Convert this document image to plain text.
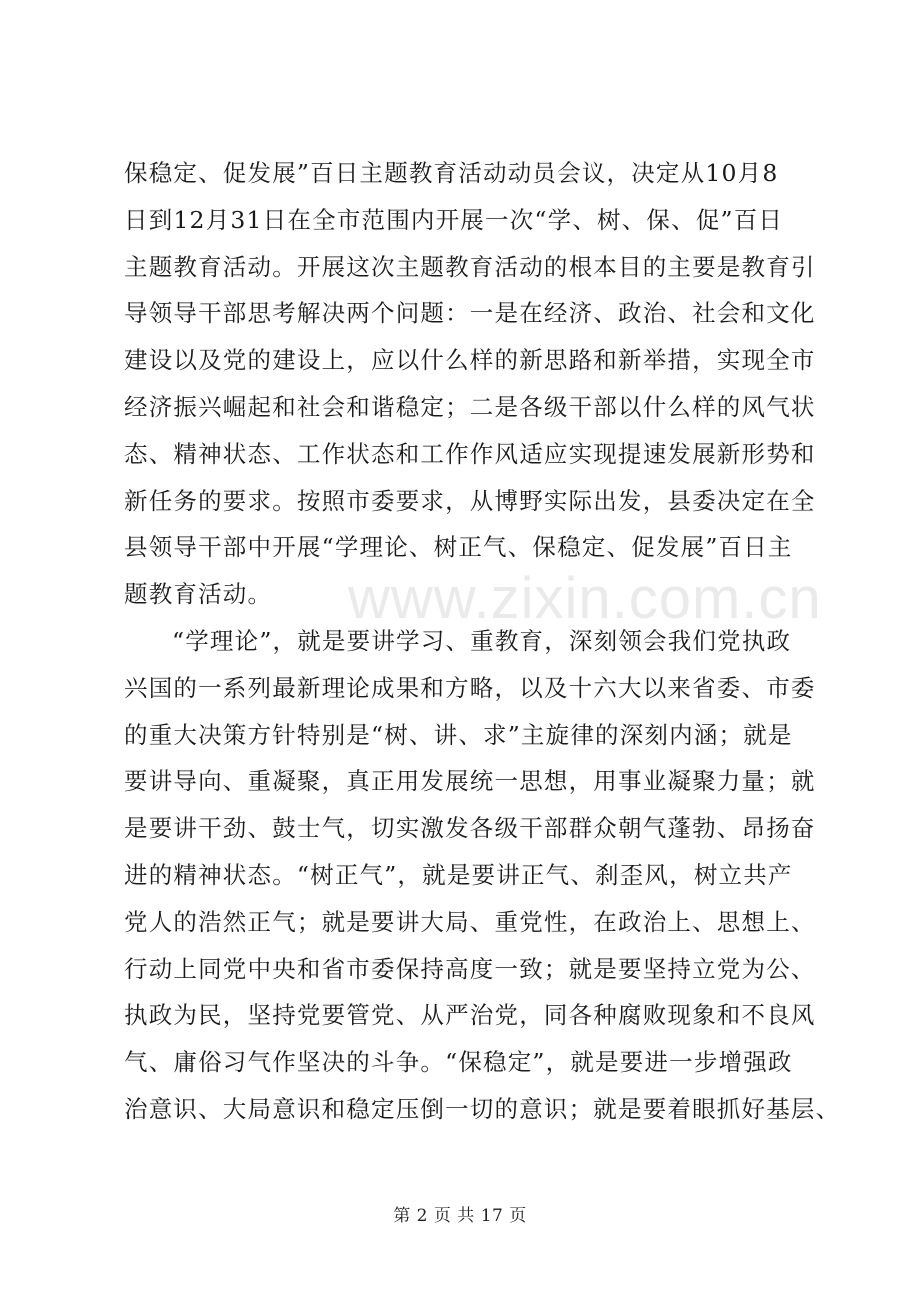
www.zixin.com.cn
保稳定、促发展”百日主题教育活动动员会议，决定从10月8
日到12月31日在全市范围内开展一次“学、树、保、促”百日
主题教育活动。开展这次主题教育活动的根本目的主要是教育引
导领导干部思考解决两个问题：一是在经济、政治、社会和文化
建设以及党的建设上，应以什么样的新思路和新举措，实现全市
经济振兴崛起和社会和谐稳定；二是各级干部以什么样的风气状
态、精神状态、工作状态和工作作风适应实现提速发展新形势和
新任务的要求。按照市委要求，从博野实际出发，县委决定在全
县领导干部中开展“学理论、树正气、保稳定、促发展”百日主
题教育活动。
“学理论”，就是要讲学习、重教育，深刻领会我们党执政
兴国的一系列最新理论成果和方略，以及十六大以来省委、市委
的重大决策方针特别是“树、讲、求”主旋律的深刻内涵；就是
要讲导向、重凝聚，真正用发展统一思想，用事业凝聚力量；就
是要讲干劲、鼓士气，切实激发各级干部群众朝气蓬勃、昂扬奋
进的精神状态。“树正气”，就是要讲正气、刹歪风，树立共产
党人的浩然正气；就是要讲大局、重党性，在政治上、思想上、
行动上同党中央和省市委保持高度一致；就是要坚持立党为公、
执政为民，坚持党要管党、从严治党，同各种腐败现象和不良风
气、庸俗习气作坚决的斗争。“保稳定”，就是要进一步增强政
治意识、大局意识和稳定压倒一切的意识；就是要着眼抓好基层、
第 2 页 共 17 页
